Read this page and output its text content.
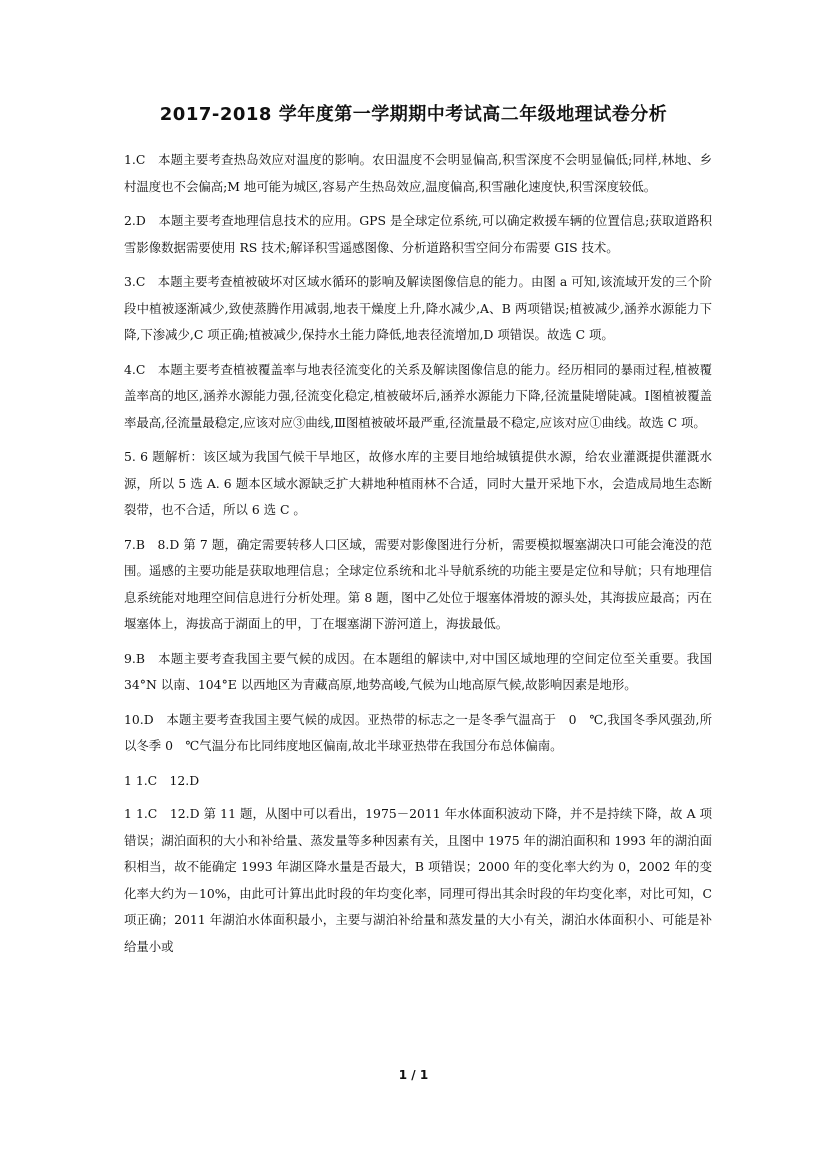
2017-2018 学年度第一学期期中考试高二年级地理试卷分析

1.C　本题主要考查热岛效应对温度的影响。农田温度不会明显偏高,积雪深度不会明显偏低;同样,林地、乡村温度也不会偏高;M 地可能为城区,容易产生热岛效应,温度偏高,积雪融化速度快,积雪深度较低。

2.D　本题主要考查地理信息技术的应用。GPS 是全球定位系统,可以确定救援车辆的位置信息;获取道路积雪影像数据需要使用 RS 技术;解译积雪遥感图像、分析道路积雪空间分布需要 GIS 技术。

3.C　本题主要考查植被破坏对区域水循环的影响及解读图像信息的能力。由图 a 可知,该流域开发的三个阶段中植被逐渐减少,致使蒸腾作用减弱,地表干燥度上升,降水减少,A、B 两项错误;植被减少,涵养水源能力下降,下渗减少,C 项正确;植被减少,保持水土能力降低,地表径流增加,D 项错误。故选 C 项。

4.C　本题主要考查植被覆盖率与地表径流变化的关系及解读图像信息的能力。经历相同的暴雨过程,植被覆盖率高的地区,涵养水源能力强,径流变化稳定,植被破坏后,涵养水源能力下降,径流量陡增陡减。Ⅰ图植被覆盖率最高,径流量最稳定,应该对应③曲线,Ⅲ图植被破坏最严重,径流量最不稳定,应该对应①曲线。故选 C 项。

5. 6 题解析：该区域为我国气候干旱地区，故修水库的主要目地给城镇提供水源，给农业灌溉提供灌溉水源，所以 5 选 A. 6 题本区域水源缺乏扩大耕地种植雨林不合适，同时大量开采地下水，会造成局地生态断裂带，也不合适，所以 6 选 C 。

7.B　8.D 第 7 题，确定需要转移人口区域，需要对影像图进行分析，需要模拟堰塞湖决口可能会淹没的范围。遥感的主要功能是获取地理信息；全球定位系统和北斗导航系统的功能主要是定位和导航；只有地理信息系统能对地理空间信息进行分析处理。第 8 题，图中乙处位于堰塞体滑坡的源头处，其海拔应最高；丙在堰塞体上，海拔高于湖面上的甲，丁在堰塞湖下游河道上，海拔最低。

9.B　本题主要考查我国主要气候的成因。在本题组的解读中,对中国区域地理的空间定位至关重要。我国 34°N 以南、104°E 以西地区为青藏高原,地势高峻,气候为山地高原气候,故影响因素是地形。

10.D　本题主要考查我国主要气候的成因。亚热带的标志之一是冬季气温高于　0　℃,我国冬季风强劲,所以冬季 0　℃气温分布比同纬度地区偏南,故北半球亚热带在我国分布总体偏南。

1 1.C　12.D

1 1.C　12.D 第 11 题，从图中可以看出，1975－2011 年水体面积波动下降，并不是持续下降，故 A 项错误；湖泊面积的大小和补给量、蒸发量等多种因素有关，且图中 1975 年的湖泊面积和 1993 年的湖泊面积相当，故不能确定 1993 年湖区降水量是否最大，B 项错误；2000 年的变化率大约为 0，2002 年的变化率大约为－10%，由此可计算出此时段的年均变化率，同理可得出其余时段的年均变化率，对比可知，C 项正确；2011 年湖泊水体面积最小，主要与湖泊补给量和蒸发量的大小有关，湖泊水体面积小、可能是补给量小或

1 / 1
